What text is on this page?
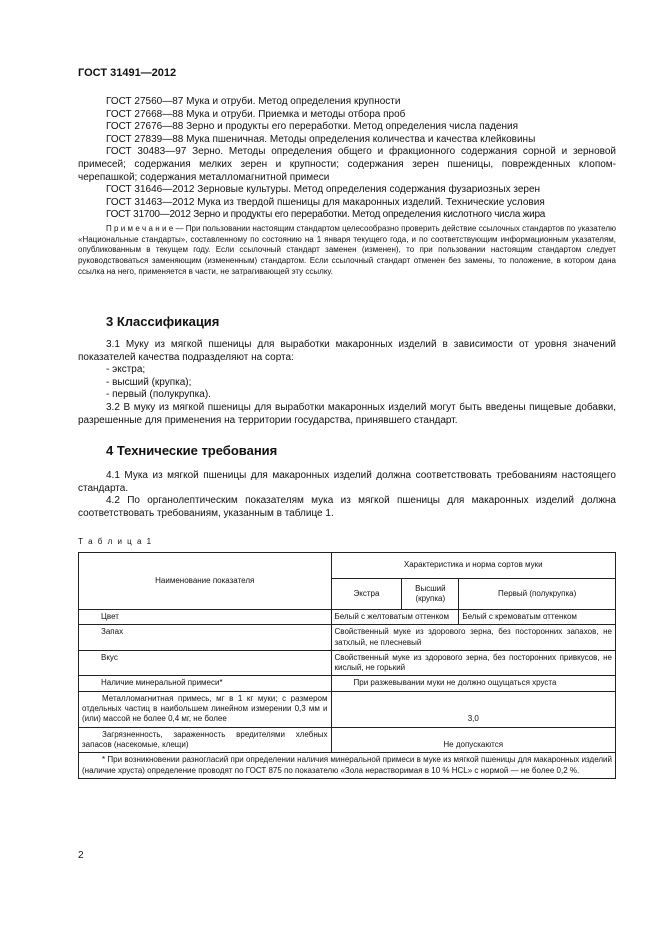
ГОСТ 31491—2012
ГОСТ 27560—87 Мука и отруби. Метод определения крупности
ГОСТ 27668—88 Мука и отруби. Приемка и методы отбора проб
ГОСТ 27676—88 Зерно и продукты его переработки. Метод определения числа падения
ГОСТ 27839—88 Мука пшеничная. Методы определения количества и качества клейковины

ГОСТ 30483—97 Зерно. Методы определения общего и фракционного содержания сорной и зерновой примесей; содержания мелких зерен и крупности; содержания зерен пшеницы, поврежденных клопом-черепашкой; содержания металломагнитной примеси

ГОСТ 31646—2012 Зерновые культуры. Метод определения содержания фузариозных зерен
ГОСТ 31463—2012 Мука из твердой пшеницы для макаронных изделий. Технические условия
ГОСТ 31700—2012 Зерно и продукты его переработки. Метод определения кислотного числа жира

П р и м е ч а н и е — При пользовании настоящим стандартом целесообразно проверить действие ссылочных стандартов по указателю «Национальные стандарты», составленному по состоянию на 1 января текущего года, и по соответствующим информационным указателям, опубликованным в текущем году. Если ссылочный стандарт заменен (изменен), то при пользовании настоящим стандартом следует руководствоваться заменяющим (измененным) стандартом. Если ссылочный стандарт отменен без замены, то положение, в котором дана ссылка на него, применяется в части, не затрагивающей эту ссылку.

3 Классификация

3.1 Муку из мягкой пшеницы для выработки макаронных изделий в зависимости от уровня значений показателей качества подразделяют на сорта:

- экстра;
- высший (крупка);
- первый (полукрупка).

3.2 В муку из мягкой пшеницы для выработки макаронных изделий могут быть введены пищевые добавки, разрешенные для применения на территории государства, принявшего стандарт.

4 Технические требования

4.1 Мука из мягкой пшеницы для макаронных изделий должна соответствовать требованиям настоящего стандарта.

4.2 По органолептическим показателям мука из мягкой пшеницы для макаронных изделий должна соответствовать требованиям, указанным в таблице 1.

Т а б л и ц а 1
Наименование показателя	Характеристика и норма сортов муки		
	Экстра	Высший (крупка)	Первый (полукрупка)
Цвет	Белый с желтоватым оттенком		Белый с кремоватым оттенком
Запах	Свойственный муке из здорового зерна, без посторонних запахов, не затхлый, не плесневый		
Вкус	Свойственный муке из здорового зерна, без посторонних привкусов, не кислый, не горький		
Наличие минеральной примеси*	При разжевывании муки не должно ощущаться хруста		
Металломагнитная примесь, мг в 1 кг муки; с размером отдельных частиц в наибольшем линейном измерении 0,3 мм и (или) массой не более 0,4 мг, не более	3,0		
Загрязненность, зараженность вредителями хлебных запасов (насекомые, клещи)	Не допускаются		
* При возникновении разногласий при определении наличия минеральной примеси в муке из мягкой пшеницы для макаронных изделий (наличие хруста) определение проводят по ГОСТ 875 по показателю «Зола нерастворимая в 10 % HCL» с нормой — не более 0,2 %.			
2
